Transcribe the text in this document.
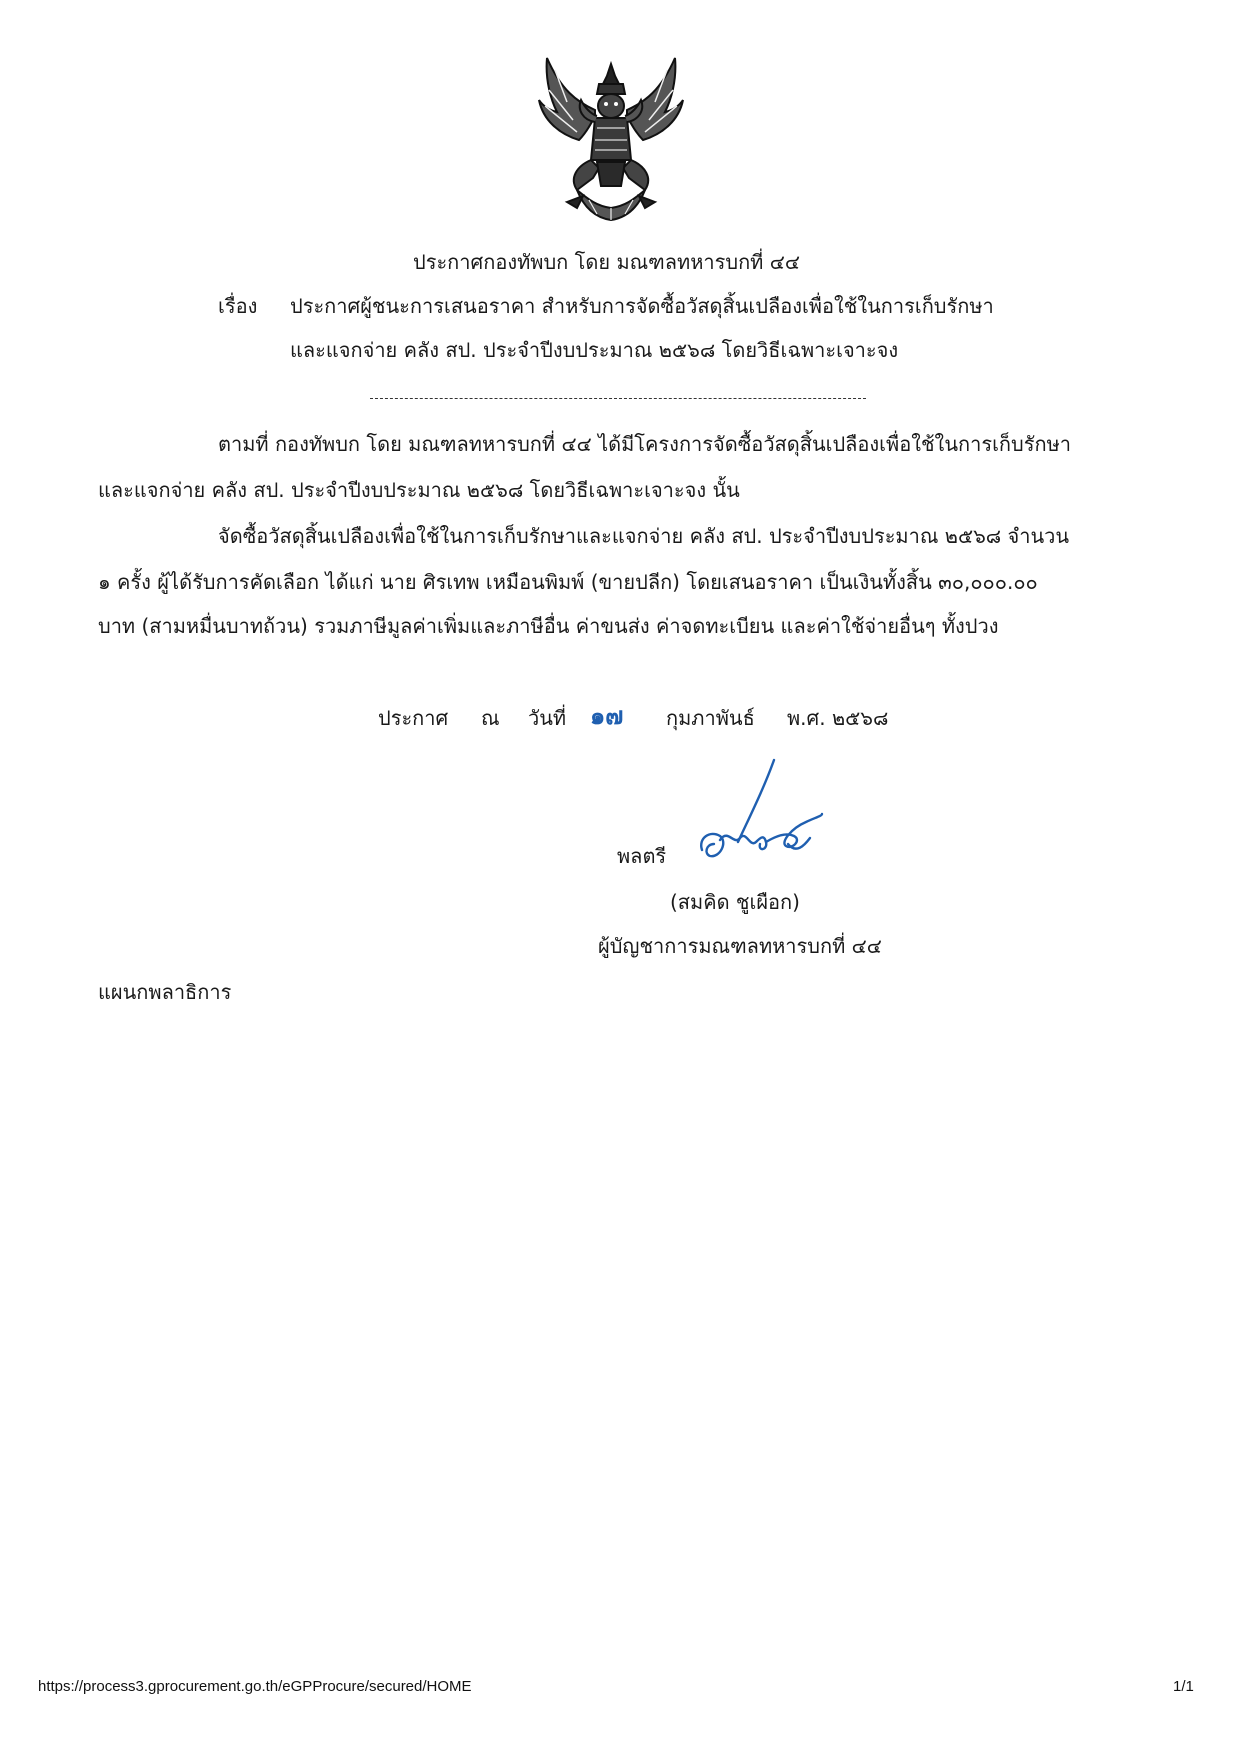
ประกาศกองทัพบก โดย มณฑลทหารบกที่ ๔๔
เรื่อง ประกาศผู้ชนะการเสนอราคา สำหรับการจัดซื้อวัสดุสิ้นเปลืองเพื่อใช้ในการเก็บรักษา
และแจกจ่าย คลัง สป. ประจำปีงบประมาณ ๒๕๖๘ โดยวิธีเฉพาะเจาะจง
ตามที่ กองทัพบก โดย มณฑลทหารบกที่ ๔๔ ได้มีโครงการจัดซื้อวัสดุสิ้นเปลืองเพื่อใช้ในการเก็บรักษา
และแจกจ่าย คลัง สป. ประจำปีงบประมาณ ๒๕๖๘ โดยวิธีเฉพาะเจาะจง นั้น
จัดซื้อวัสดุสิ้นเปลืองเพื่อใช้ในการเก็บรักษาและแจกจ่าย คลัง สป. ประจำปีงบประมาณ ๒๕๖๘ จำนวน
๑ ครั้ง ผู้ได้รับการคัดเลือก ได้แก่ นาย ศิรเทพ เหมือนพิมพ์ (ขายปลีก) โดยเสนอราคา เป็นเงินทั้งสิ้น ๓๐,๐๐๐.๐๐
บาท (สามหมื่นบาทถ้วน) รวมภาษีมูลค่าเพิ่มและภาษีอื่น ค่าขนส่ง ค่าจดทะเบียน และค่าใช้จ่ายอื่นๆ ทั้งปวง
ประกาศ ณ วันที่ ๑๗ กุมภาพันธ์ พ.ศ. ๒๕๖๘
พลตรี
(สมคิด ชูเผือก)
ผู้บัญชาการมณฑลทหารบกที่ ๔๔
แผนกพลาธิการ
https://process3.gprocurement.go.th/eGPProcure/secured/HOME	1/1
